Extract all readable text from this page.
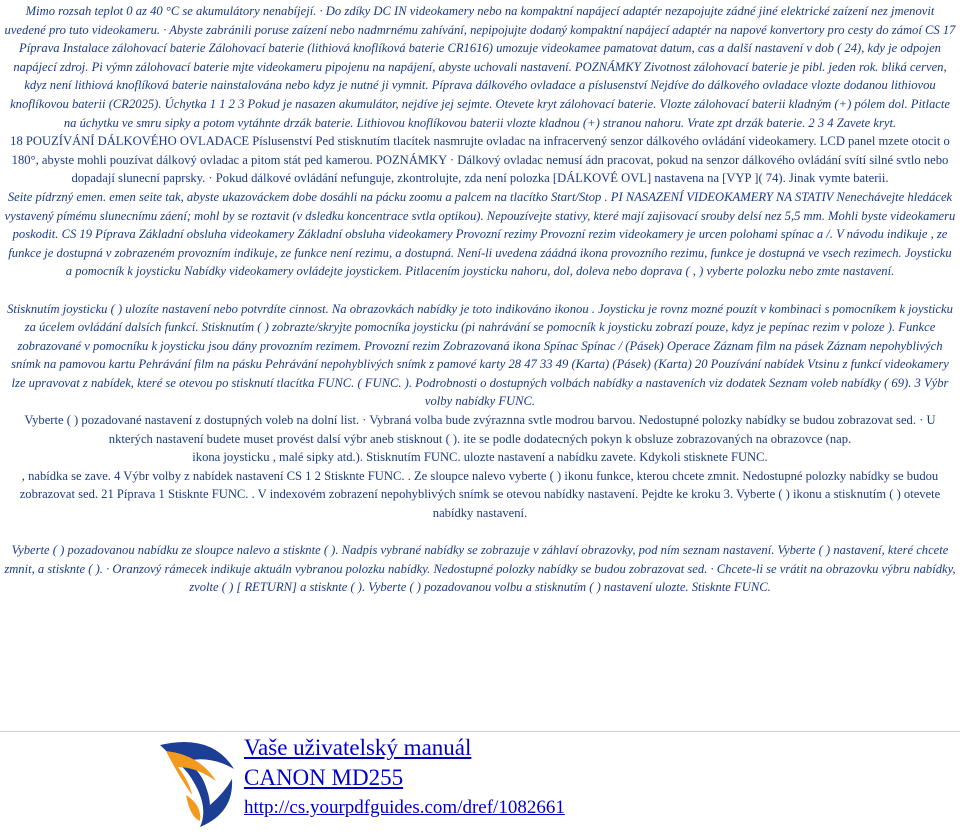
Mimo rozsah teplot 0 az 40 °C se akumulátory nenabíjejí. · Do zdíky DC IN videokamery nebo na kompaktní napájecí adaptér nezapojujte zádné jiné elektrické zaízení nez jmenovit uvedené pro tuto videokameru. · Abyste zabránili poruse zaízení nebo nadmrnému zahívání, nepipojujte dodaný kompaktní napájecí adaptér na napové konvertory pro cesty do zámoí CS 17 Píprava Instalace zálohovací baterie Zálohovací baterie (lithiová knoflíková baterie CR1616) umozuje videokamee pamatovat datum, cas a další nastavení v dob ( 24), kdy je odpojen napájecí zdroj. Pi výmn zálohovací baterie mjte videokameru pipojenu na napájení, abyste uchovali nastavení. POZNÁMKY Zivotnost zálohovací baterie je pibl. jeden rok. bliká cerven, kdyz není lithiová knoflíková baterie nainstalována nebo kdyz je nutné ji vymnit. Píprava dálkového ovladace a píslusenství Nejdíve do dálkového ovladace vlozte dodanou lithiovou knoflíkovou baterii (CR2025). Úchytka 1 1 2 3 Pokud je nasazen akumulátor, nejdíve jej sejmte. Otevete kryt zálohovací baterie. Vlozte zálohovací baterii kladným (+) pólem dol. Pitlacte na úchytku ve smru sipky a potom vytáhnte drzák baterie. Lithiovou knoflíkovou baterii vlozte kladnou (+) stranou nahoru. Vrate zpt drzák baterie. 2 3 4 Zavete kryt.

18 POUZÍVÁNÍ DÁLKOVÉHO OVLADACE Píslusenství Ped stisknutím tlacítek nasmrujte ovladac na infracervený senzor dálkového ovládání videokamery. LCD panel mzete otocit o 180°, abyste mohli pouzívat dálkový ovladac a pitom stát ped kamerou. POZNÁMKY · Dálkový ovladac nemusí ádn pracovat, pokud na senzor dálkového ovládání svítí silné svtlo nebo dopadají slunecní paprsky. · Pokud dálkové ovládání nefunguje, zkontrolujte, zda není polozka [DÁLKOVÉ OVL] nastavena na [VYP ]( 74). Jinak vymte baterii.

Seite pídrzný emen. emen seite tak, abyste ukazováckem dobe dosáhli na pácku zoomu a palcem na tlacítko Start/Stop . PI NASAZENÍ VIDEOKAMERY NA STATIV Nenechávejte hledácek vystavený pímému slunecnímu záení; mohl by se roztavit (v dsledku koncentrace svtla optikou). Nepouzívejte stativy, které mají zajisovací srouby delsí nez 5,5 mm. Mohli byste videokameru poskodit. CS 19 Píprava Základní obsluha videokamery Základní obsluha videokamery Provozní rezimy Provozní rezim videokamery je urcen polohami spínac a /. V návodu indikuje , ze funkce je dostupná v zobrazeném provozním indikuje, ze funkce není rezimu, a dostupná. Není-li uvedena záádná ikona provozního rezimu, funkce je dostupná ve vsech rezimech. Joysticku a pomocník k joysticku Nabídky videokamery ovládejte joystickem. Pitlacením joysticku nahoru, dol, doleva nebo doprava ( , ) vyberte polozku nebo zmte nastavení.

Stisknutím joysticku ( ) ulozíte nastavení nebo potvrdíte cinnost. Na obrazovkách nabídky je toto indikováno ikonou . Joysticku je rovnz mozné pouzít v kombinaci s pomocníkem k joysticku za úcelem ovládání dalsích funkcí. Stisknutím ( ) zobrazte/skryjte pomocníka joysticku (pi nahrávání se pomocník k joysticku zobrazí pouze, kdyz je pepínac rezim v poloze ). Funkce zobrazované v pomocníku k joysticku jsou dány provozním rezimem. Provozní rezim Zobrazovaná ikona Spínac Spínac / (Pásek) Operace Záznam film na pásek Záznam nepohyblivých snímk na pamovou kartu Pehrávání film na pásku Pehrávání nepohyblivých snímk z pamové karty 28 47 33 49 (Karta) (Pásek) (Karta) 20 Pouzívání nabídek Vtsinu z funkcí videokamery lze upravovat z nabídek, které se otevou po stisknutí tlacítka FUNC. ( FUNC. ). Podrobnosti o dostupných volbách nabídky a nastaveních viz dodatek Seznam voleb nabídky ( 69). 3 Výbr volby nabídky FUNC.

Vyberte ( ) pozadované nastavení z dostupných voleb na dolní list. · Vybraná volba bude zvýraznna svtle modrou barvou. Nedostupné polozky nabídky se budou zobrazovat sed. · U nkterých nastavení budete muset provést dalsí výbr aneb stisknout ( ). ite se podle dodatecných pokyn k obsluze zobrazovaných na obrazovce (nap.

ikona joysticku , malé sipky atd.). Stisknutím FUNC. ulozte nastavení a nabídku zavete. Kdykoli stisknete FUNC.

, nabídka se zave. 4 Výbr volby z nabídek nastavení CS 1 2 Stisknte FUNC. . Ze sloupce nalevo vyberte ( ) ikonu funkce, kterou chcete zmnit. Nedostupné polozky nabídky se budou zobrazovat sed. 21 Píprava 1 Stisknte FUNC. . V indexovém zobrazení nepohyblivých snímk se otevou nabídky nastavení. Pejdte ke kroku 3. Vyberte ( ) ikonu a stisknutím ( ) otevete nabídky nastavení.

Vyberte ( ) pozadovanou nabídku ze sloupce nalevo a stisknte ( ). Nadpis vybrané nabídky se zobrazuje v záhlaví obrazovky, pod ním seznam nastavení. Vyberte ( ) nastavení, které chcete zmnit, a stisknte ( ). · Oranzový rámecek indikuje aktuáln vybranou polozku nabídky. Nedostupné polozky nabídky se budou zobrazovat sed. · Chcete-li se vrátit na obrazovku výbru nabídky, zvolte ( ) [ RETURN] a stisknte ( ). Vyberte ( ) pozadovanou volbu a stisknutím ( ) nastavení ulozte. Stisknte FUNC.

Vaše uživatelský manuál
CANON MD255
http://cs.yourpdfguides.com/dref/1082661
